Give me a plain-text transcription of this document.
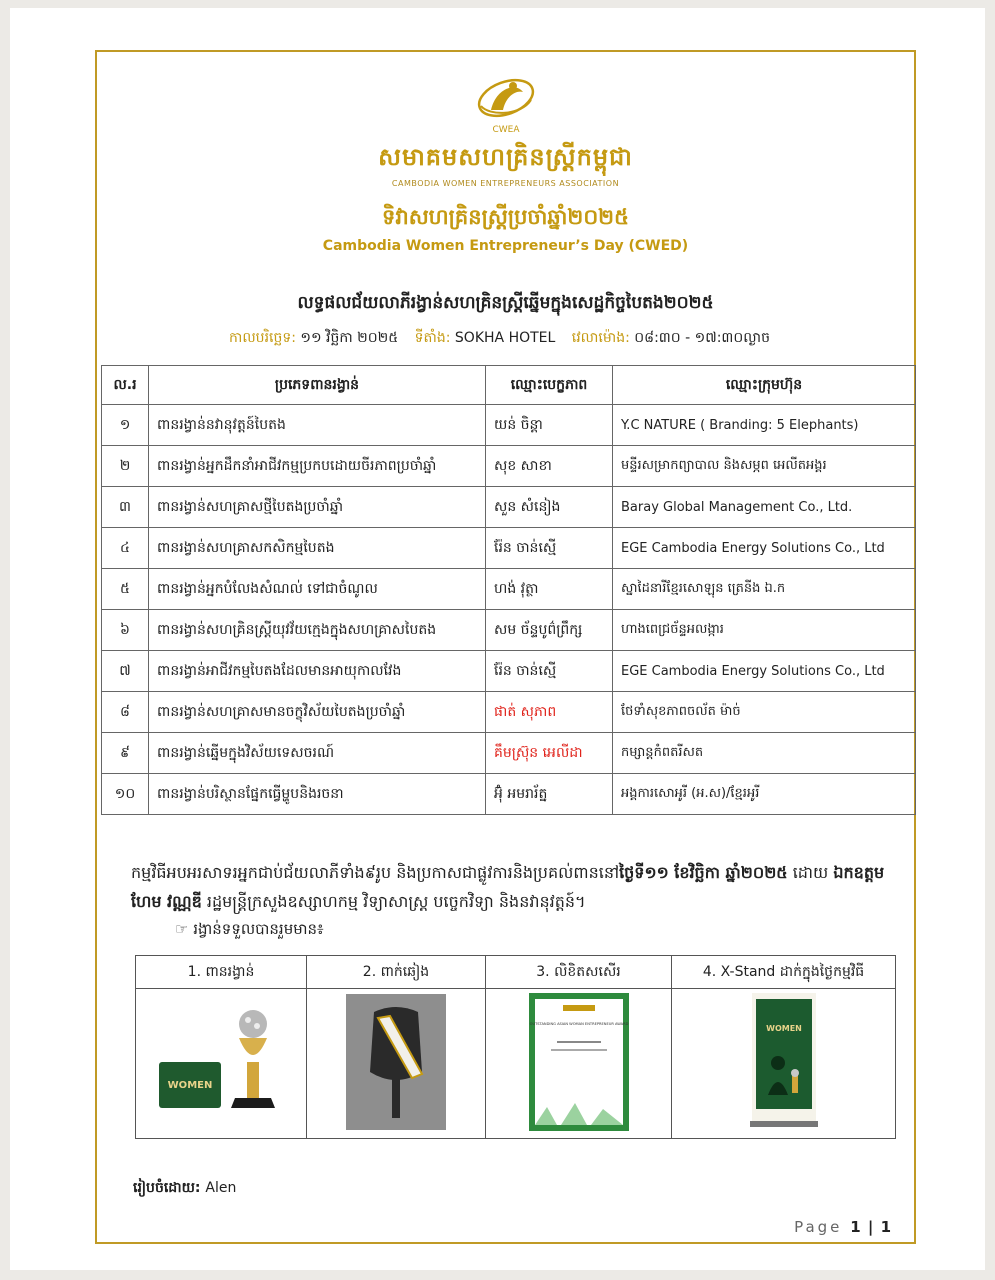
CWEA
សមាគមសហគ្រិនស្ត្រីកម្ពុជា
CAMBODIA WOMEN ENTREPRENEURS ASSOCIATION
ទិវាសហគ្រិនស្ត្រីប្រចាំឆ្នាំ២០២៥
Cambodia Women Entrepreneur’s Day (CWED)
លទ្ធផលជ័យលាភីរង្វាន់សហគ្រិនស្ត្រីឆ្នើមក្នុងសេដ្ឋកិច្ចបៃតង២០២៥
កាលបរិច្ឆេទ: ១១ វិច្ឆិកា ២០២៥ ទីតាំង: SOKHA HOTEL វេលាម៉ោង: ០៨:៣០ - ១៧:៣០ល្ងាច
ល.រ	ប្រភេទពានរង្វាន់	ឈ្មោះបេក្ខភាព	ឈ្មោះក្រុមហ៊ុន
១	ពានរង្វាន់នវានុវត្តន៍បៃតង	យន់ ចិន្តា	Y.C NATURE ( Branding: 5 Elephants)
២	ពានរង្វាន់អ្នកដឹកនាំអាជីវកម្មប្រកបដោយចីរភាពប្រចាំឆ្នាំ	សុខ សាខា	មន្ទីរសម្រាកព្យាបាល និងសម្ភព អេលីតអង្គរ
៣	ពានរង្វាន់សហគ្រាសថ្មីបៃតងប្រចាំឆ្នាំ	សួន សំនៀង	Baray Global Management Co., Ltd.
៤	ពានរង្វាន់សហគ្រាសកសិកម្មបៃតង	រ៉ែន ចាន់ស្មើ	EGE Cambodia Energy Solutions Co., Ltd
៥	ពានរង្វាន់អ្នកបំលែងសំណល់ ទៅជាចំណូល	ហង់ វុត្ថា	ស្នាដៃនារីខ្មែរសោឡុន ត្រេនីង ឯ.ក
៦	ពានរង្វាន់សហគ្រិនស្ត្រីយុវវ័យក្មេងក្នុងសហគ្រាសបៃតង	សម ច័ន្ទបូព៌ព្រឹក្ស	ហាងពេជ្រច័ន្ទអលង្ការ
៧	ពានរង្វាន់អាជីវកម្មបៃតងដែលមានអាយុកាលវែង	រ៉ែន ចាន់ស្មើ	EGE Cambodia Energy Solutions Co., Ltd
៨	ពានរង្វាន់សហគ្រាសមានចក្ខុវិស័យបៃតងប្រចាំឆ្នាំ	ផាត់ សុភាព	ថែទាំសុខភាពចល័ត ម៉ាច់
៩	ពានរង្វាន់ឆ្នើមក្នុងវិស័យទេសចរណ៍	គឹមស្រ៊ុន អេលីដា	កម្សាន្តកំពតរីសត
១០	ពានរង្វាន់បរិស្ថានផ្នែកធ្វើម្ហូបនិងរចនា	អ៊ុំ អមរារ័ត្ន	អង្គការសោអូរី (អ.ស)/ខ្មែរអូរី
កម្មវិធីអបអរសាទរអ្នកជាប់ជ័យលាភីទាំង៩រូប និងប្រកាសជាផ្លូវការនិងប្រគល់ពាននៅថ្ងៃទី១១ ខែវិច្ឆិកា ឆ្នាំ២០២៥ ដោយ ឯកឧត្តម ហែម វណ្ណឌី រដ្ឋមន្ត្រីក្រសួងឧស្សាហកម្ម វិទ្យាសាស្ត្រ បច្ចេកវិទ្យា និងនវានុវត្តន៍។
☞ រង្វាន់ទទួលបានរួមមាន៖
1. ពានរង្វាន់	2. ពាក់ឆៀង	3. លិខិតសសើរ	4. X-Stand ដាក់ក្នុងថ្ងៃកម្មវិធី

WOMEN		OUTSTANDING ASIAN WOMAN ENTREPRENEUR AWARD	WOMEN
រៀបចំដោយ: Alen
Page 1 | 1
